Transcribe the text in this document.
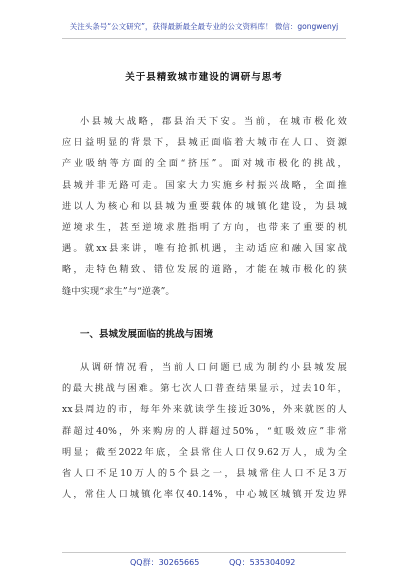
关注头条号“公文研究”，获得最新最全最专业的公文资料库！ 微信：gongwenyj
关于县精致城市建设的调研与思考
小县城大战略，郡县治天下安。当前，在城市极化效
应日益明显的背景下，县城正面临着大城市在人口、资源
产业吸纳等方面的全面“挤压”。面对城市极化的挑战，
县城并非无路可走。国家大力实施乡村振兴战略，全面推
进以人为核心和以县城为重要载体的城镇化建设，为县城
逆境求生，甚至逆境求胜指明了方向，也带来了重要的机
遇。就xx县来讲，唯有抢抓机遇，主动适应和融入国家战
略，走特色精致、错位发展的道路，才能在城市极化的狭
缝中实现“求生”与“逆袭”。
一、县城发展面临的挑战与困境
从调研情况看，当前人口问题已成为制约小县城发展
的最大挑战与困难。第七次人口普查结果显示，过去10年，
xx县周边的市，每年外来就读学生接近30%，外来就医的人
群超过40%，外来购房的人群超过50%，“虹吸效应”非常
明显；截至2022年底，全县常住人口仅9.62万人，成为全
省人口不足10万人的5个县之一，县城常住人口不足3万
人，常住人口城镇化率仅40.14%，中心城区城镇开发边界
QQ群：30265665	QQ：535304092
